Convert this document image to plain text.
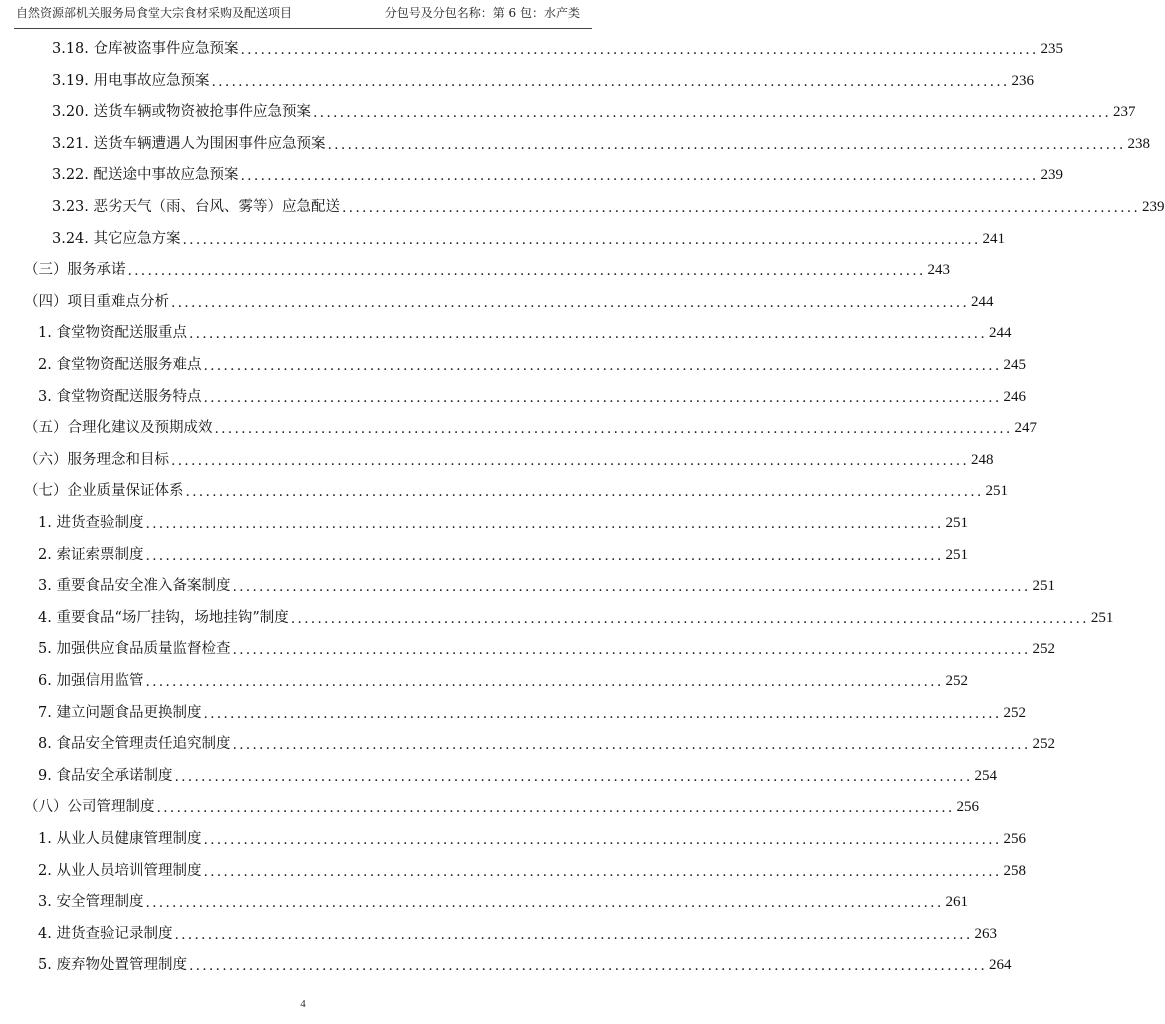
自然资源部机关服务局食堂大宗食材采购及配送项目	分包号及分包名称：第 6 包：水产类
3.18. 仓库被盗事件应急预案 ........................................................................................................................ 235
3.19. 用电事故应急预案 ........................................................................................................................ 236
3.20. 送货车辆或物资被抢事件应急预案 ........................................................................................................................ 237
3.21. 送货车辆遭遇人为围困事件应急预案 ........................................................................................................................ 238
3.22. 配送途中事故应急预案 ........................................................................................................................ 239
3.23. 恶劣天气（雨、台风、雾等）应急配送 ........................................................................................................................ 239
3.24. 其它应急方案 ........................................................................................................................ 241
（三）服务承诺 ........................................................................................................................ 243
（四）项目重难点分析 ........................................................................................................................ 244
1. 食堂物资配送服重点 ........................................................................................................................ 244
2. 食堂物资配送服务难点 ........................................................................................................................ 245
3. 食堂物资配送服务特点 ........................................................................................................................ 246
（五）合理化建议及预期成效 ........................................................................................................................ 247
（六）服务理念和目标 ........................................................................................................................ 248
（七）企业质量保证体系 ........................................................................................................................ 251
1. 进货查验制度 ........................................................................................................................ 251
2. 索证索票制度 ........................................................................................................................ 251
3. 重要食品安全准入备案制度 ........................................................................................................................ 251
4. 重要食品“场厂挂钩，场地挂钩”制度 ........................................................................................................................ 251
5. 加强供应食品质量监督检查 ........................................................................................................................ 252
6. 加强信用监管 ........................................................................................................................ 252
7. 建立问题食品更换制度 ........................................................................................................................ 252
8. 食品安全管理责任追究制度 ........................................................................................................................ 252
9. 食品安全承诺制度 ........................................................................................................................ 254
（八）公司管理制度 ........................................................................................................................ 256
1. 从业人员健康管理制度 ........................................................................................................................ 256
2. 从业人员培训管理制度 ........................................................................................................................ 258
3. 安全管理制度 ........................................................................................................................ 261
4. 进货查验记录制度 ........................................................................................................................ 263
5. 废弃物处置管理制度 ........................................................................................................................ 264
4
